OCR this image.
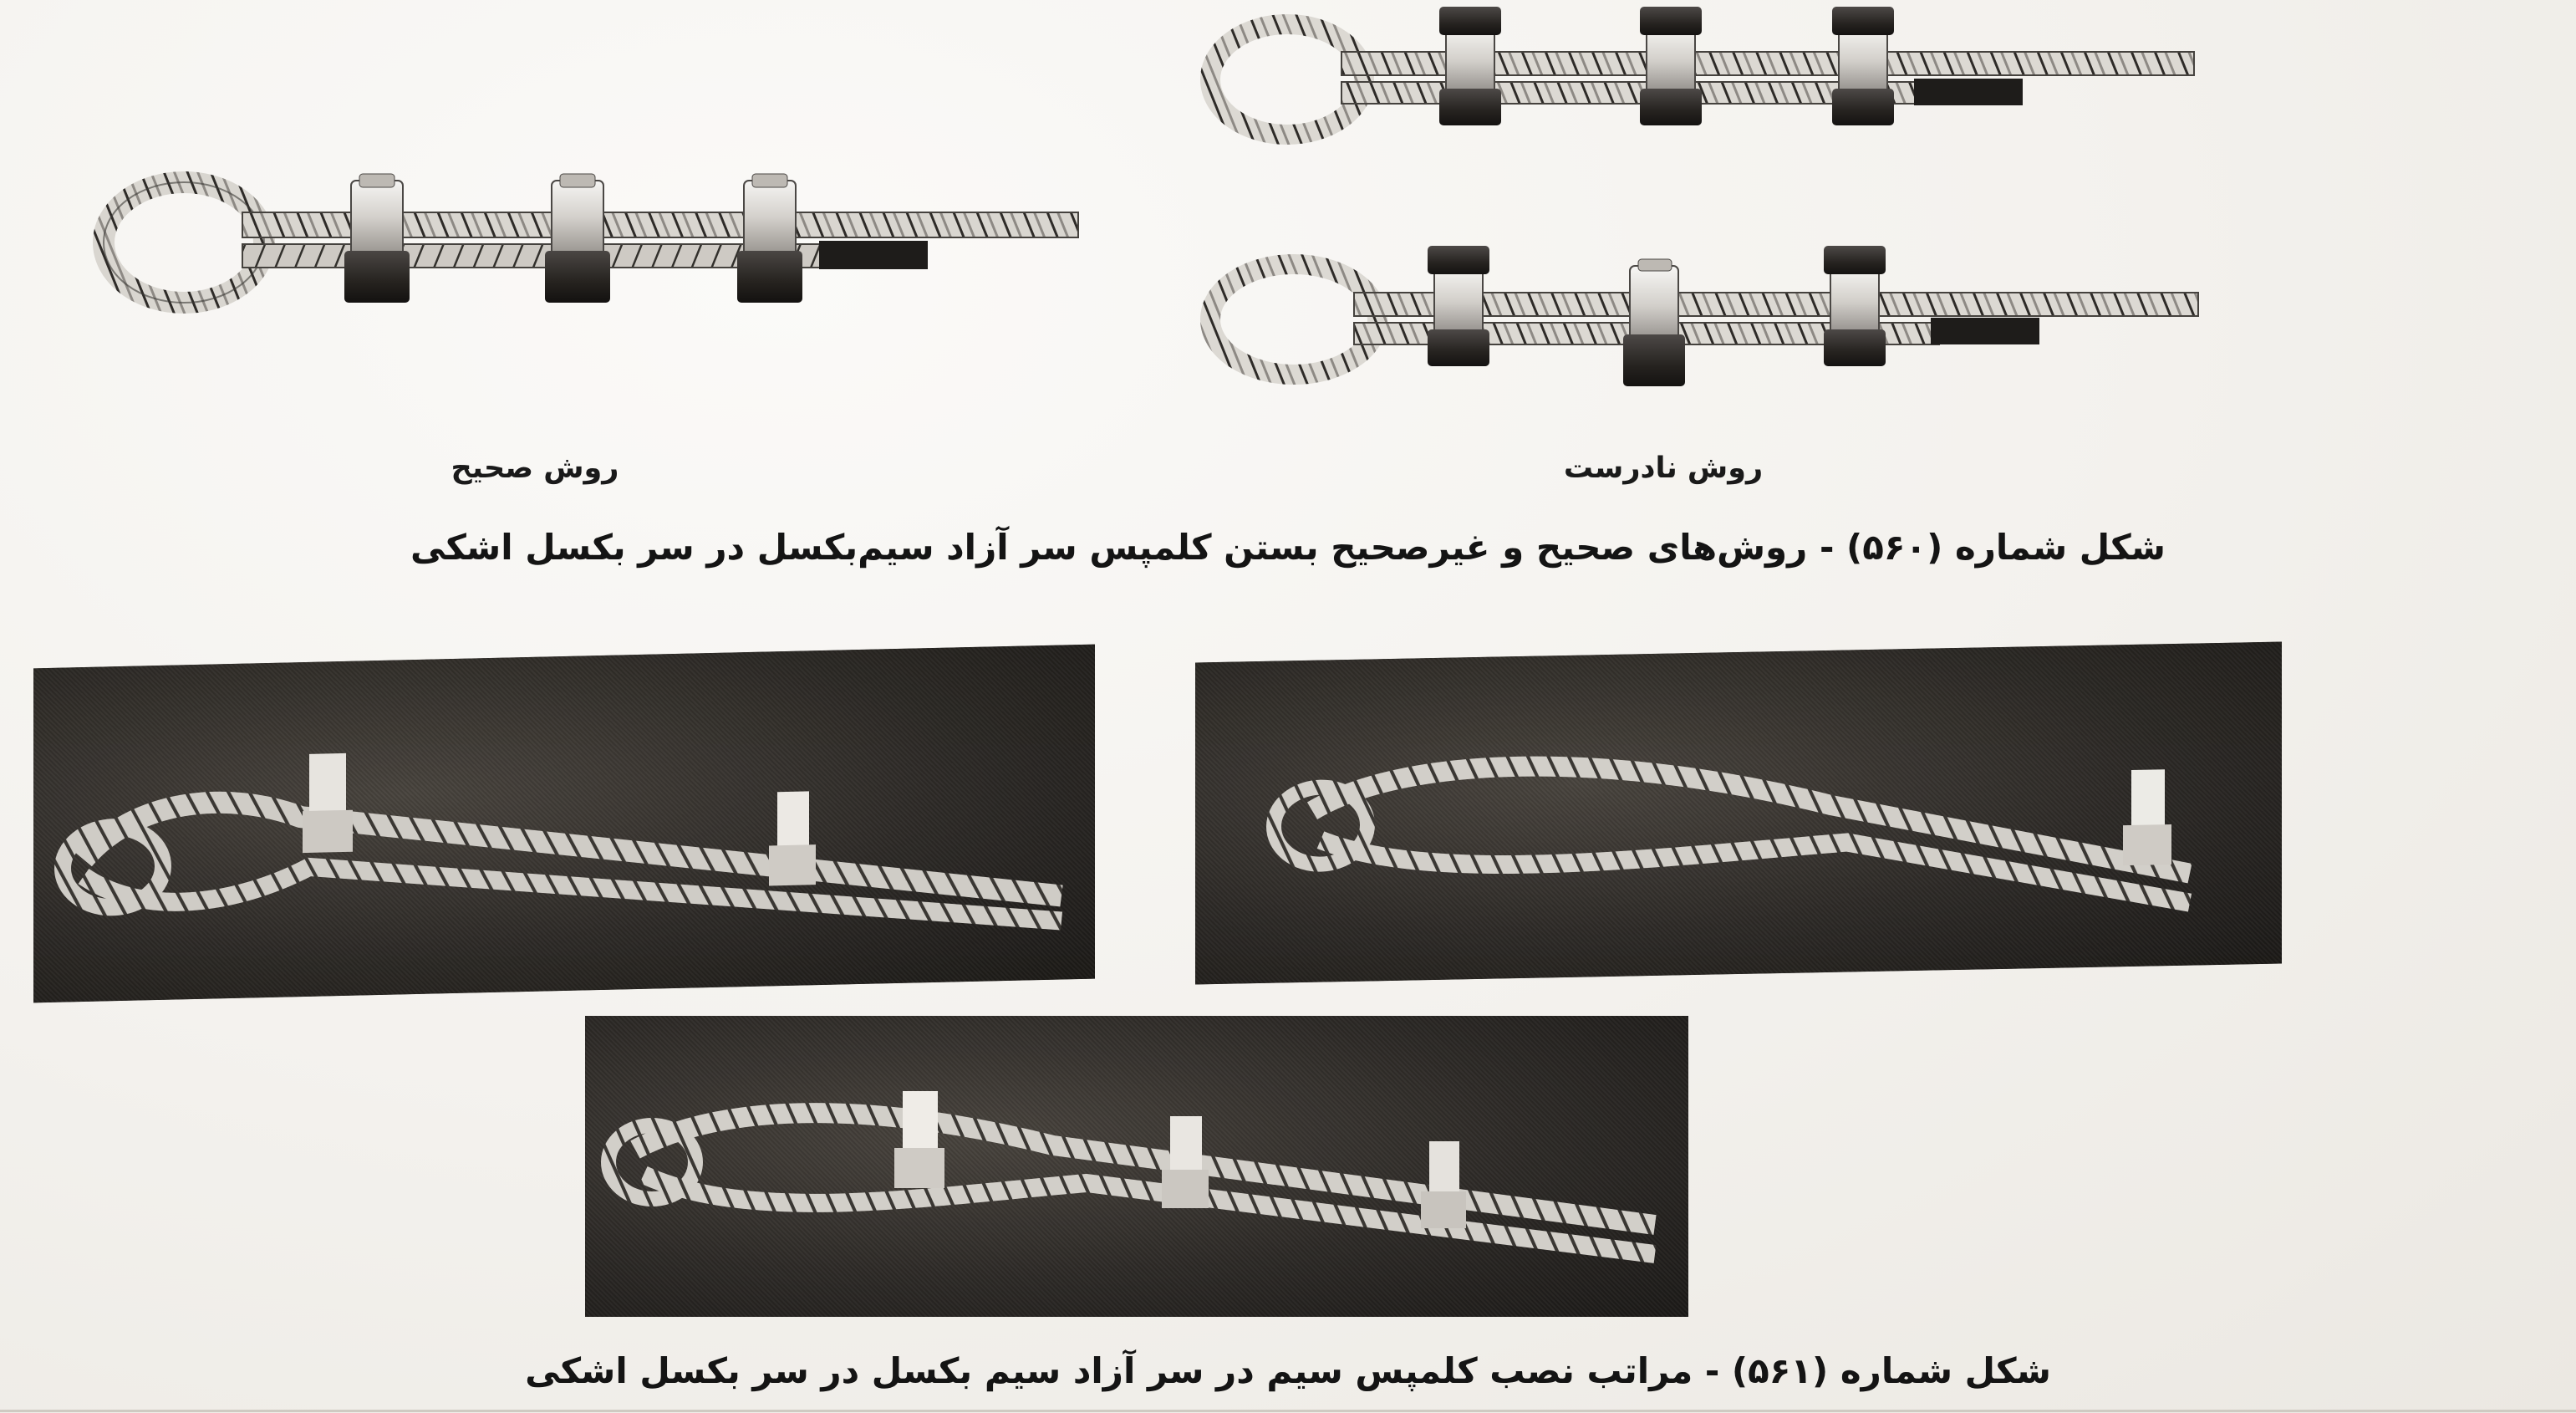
روش صحیح	روش نادرست
شکل شماره (۵۶۰) - روش‌های صحیح و غیرصحیح بستن کلمپس سر آزاد سیم‌بکسل در سر بکسل اشکی
شکل شماره (۵۶۱) - مراتب نصب کلمپس سیم در سر آزاد سیم بکسل در سر بکسل اشکی
